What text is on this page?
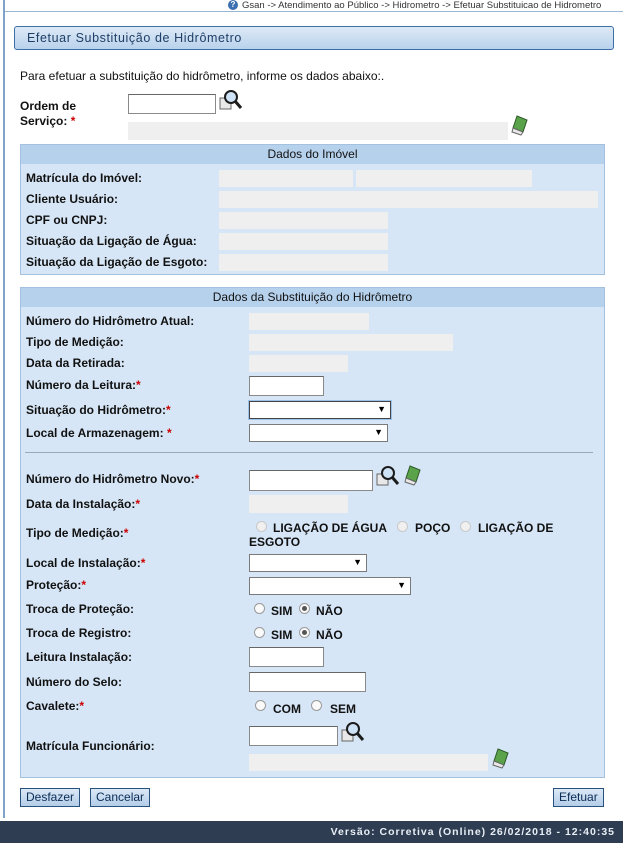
? Gsan -> Atendimento ao Público -> Hidrometro -> Efetuar Substituicao de Hidrometro
Efetuar Substituição de Hidrômetro
Para efetuar a substituição do hidrômetro, informe os dados abaixo:.
Ordem de
Serviço: *
Dados do Imóvel
Matrícula do Imóvel:
Cliente Usuário:
CPF ou CNPJ:
Situação da Ligação de Água:
Situação da Ligação de Esgoto:
Dados da Substituição do Hidrômetro
Número do Hidrômetro Atual:
Tipo de Medição:
Data da Retirada:
Número da Leitura:*
Situação do Hidrômetro:*	▼
Local de Armazenagem: *	▼
Número do Hidrômetro Novo:*
Data da Instalação:*
Tipo de Medição:*	LIGAÇÃO DE ÁGUA POÇO LIGAÇÃO DE
ESGOTO
Local de Instalação:*	▼
Proteção:*	▼
Troca de Proteção:	SIM NÃO
Troca de Registro:	SIM NÃO
Leitura Instalação:
Número do Selo:
Cavalete:*	COM SEM
Matrícula Funcionário:
Desfazer	Cancelar	Efetuar
Versão: Corretiva (Online) 26/02/2018 - 12:40:35
